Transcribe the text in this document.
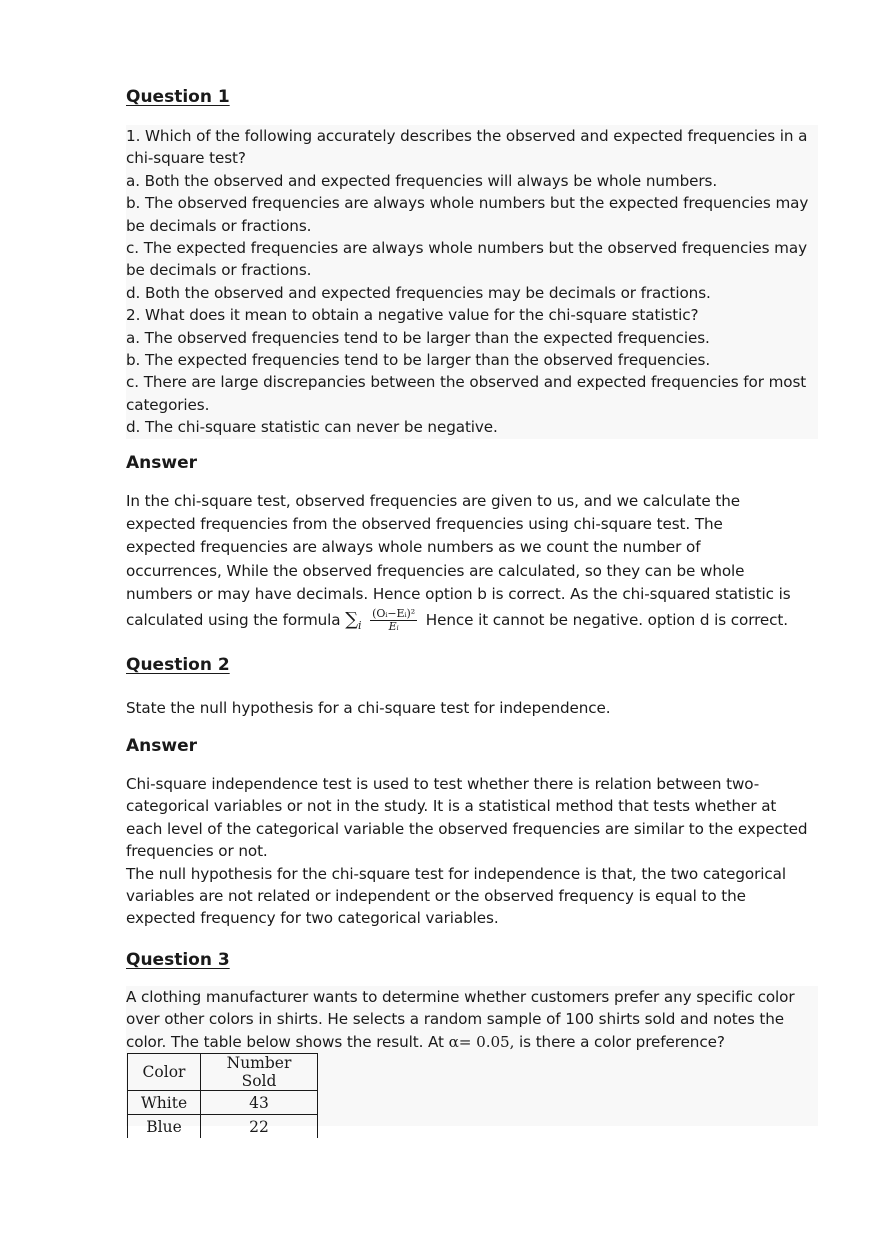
Question 1

1. Which of the following accurately describes the observed and expected frequencies in a
chi-square test?
a. Both the observed and expected frequencies will always be whole numbers.
b. The observed frequencies are always whole numbers but the expected frequencies may
be decimals or fractions.
c. The expected frequencies are always whole numbers but the observed frequencies may
be decimals or fractions.
d. Both the observed and expected frequencies may be decimals or fractions.
2. What does it mean to obtain a negative value for the chi-square statistic?
a. The observed frequencies tend to be larger than the expected frequencies.
b. The expected frequencies tend to be larger than the observed frequencies.
c. There are large discrepancies between the observed and expected frequencies for most
categories.
d. The chi-square statistic can never be negative.

Answer

In the chi-square test, observed frequencies are given to us, and we calculate the
expected frequencies from the observed frequencies using chi-square test. The
expected frequencies are always whole numbers as we count the number of
occurrences, While the observed frequencies are calculated, so they can be whole
numbers or may have decimals. Hence option b is correct. As the chi-squared statistic is
calculated using the formula $\sum_i \frac{\text{(Oᵢ−Eᵢ)²}}{\text{Eᵢ}}$ Hence it cannot be negative. option d is correct.

Question 2

State the null hypothesis for a chi-square test for independence.

Answer

Chi-square independence test is used to test whether there is relation between two-
categorical variables or not in the study. It is a statistical method that tests whether at
each level of the categorical variable the observed frequencies are similar to the expected
frequencies or not.
The null hypothesis for the chi-square test for independence is that, the two categorical
variables are not related or independent or the observed frequency is equal to the
expected frequency for two categorical variables.

Question 3

A clothing manufacturer wants to determine whether customers prefer any specific color
over other colors in shirts. He selects a random sample of 100 shirts sold and notes the
color. The table below shows the result. At α= 0.05, is there a color preference?

Color	Number Sold
White	43
Blue	22
